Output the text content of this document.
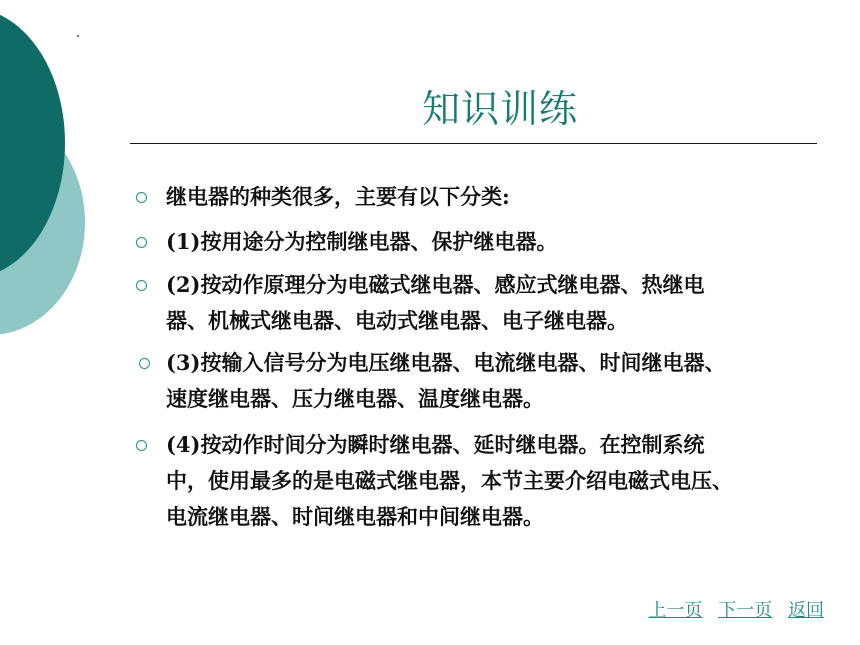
知识训练
继电器的种类很多，主要有以下分类:
(1)按用途分为控制继电器、保护继电器。
(2)按动作原理分为电磁式继电器、感应式继电器、热继电
器、机械式继电器、电动式继电器、电子继电器。
(3)按输入信号分为电压继电器、电流继电器、时间继电器、
速度继电器、压力继电器、温度继电器。
(4)按动作时间分为瞬时继电器、延时继电器。在控制系统
中，使用最多的是电磁式继电器，本节主要介绍电磁式电压、
电流继电器、时间继电器和中间继电器。
上一页 下一页 返回
